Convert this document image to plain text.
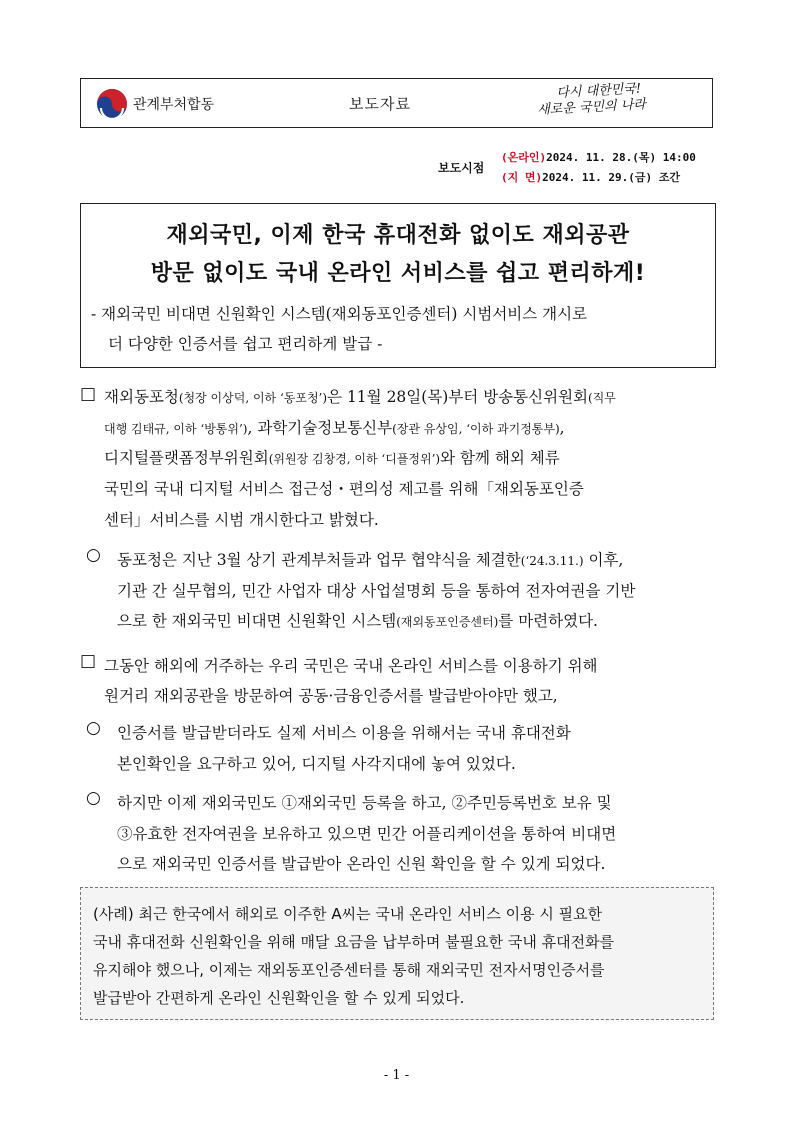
관계부처합동	보도자료
다시 대한민국!
새로운 국민의 나라
보도시점
(온라인)2024. 11. 28.(목) 14:00
(지 면)2024. 11. 29.(금) 조간
재외국민, 이제 한국 휴대전화 없이도 재외공관
방문 없이도 국내 온라인 서비스를 쉽고 편리하게!
- 재외국민 비대면 신원확인 시스템(재외동포인증센터) 시범서비스 개시로
더 다양한 인증서를 쉽고 편리하게 발급 -
□ 재외동포청(청장 이상덕, 이하 ‘동포청’)은 11월 28일(목)부터 방송통신위원회(직무
대행 김태규, 이하 ‘방통위’), 과학기술정보통신부(장관 유상임, ‘이하 과기정통부),
디지털플랫폼정부위원회(위원장 김창경, 이하 ‘디플정위’)와 함께 해외 체류
국민의 국내 디지털 서비스 접근성・편의성 제고를 위해「재외동포인증
센터」서비스를 시범 개시한다고 밝혔다.
○ 동포청은 지난 3월 상기 관계부처들과 업무 협약식을 체결한(‘24.3.11.) 이후,
기관 간 실무협의, 민간 사업자 대상 사업설명회 등을 통하여 전자여권을 기반
으로 한 재외국민 비대면 신원확인 시스템(재외동포인증센터)를 마련하였다.
□ 그동안 해외에 거주하는 우리 국민은 국내 온라인 서비스를 이용하기 위해
원거리 재외공관을 방문하여 공동·금융인증서를 발급받아야만 했고,
○ 인증서를 발급받더라도 실제 서비스 이용을 위해서는 국내 휴대전화
본인확인을 요구하고 있어, 디지털 사각지대에 놓여 있었다.
○ 하지만 이제 재외국민도 ①재외국민 등록을 하고, ②주민등록번호 보유 및
③유효한 전자여권을 보유하고 있으면 민간 어플리케이션을 통하여 비대면
으로 재외국민 인증서를 발급받아 온라인 신원 확인을 할 수 있게 되었다.
(사례) 최근 한국에서 해외로 이주한 A씨는 국내 온라인 서비스 이용 시 필요한
국내 휴대전화 신원확인을 위해 매달 요금을 납부하며 불필요한 국내 휴대전화를
유지해야 했으나, 이제는 재외동포인증센터를 통해 재외국민 전자서명인증서를
발급받아 간편하게 온라인 신원확인을 할 수 있게 되었다.
- 1 -
